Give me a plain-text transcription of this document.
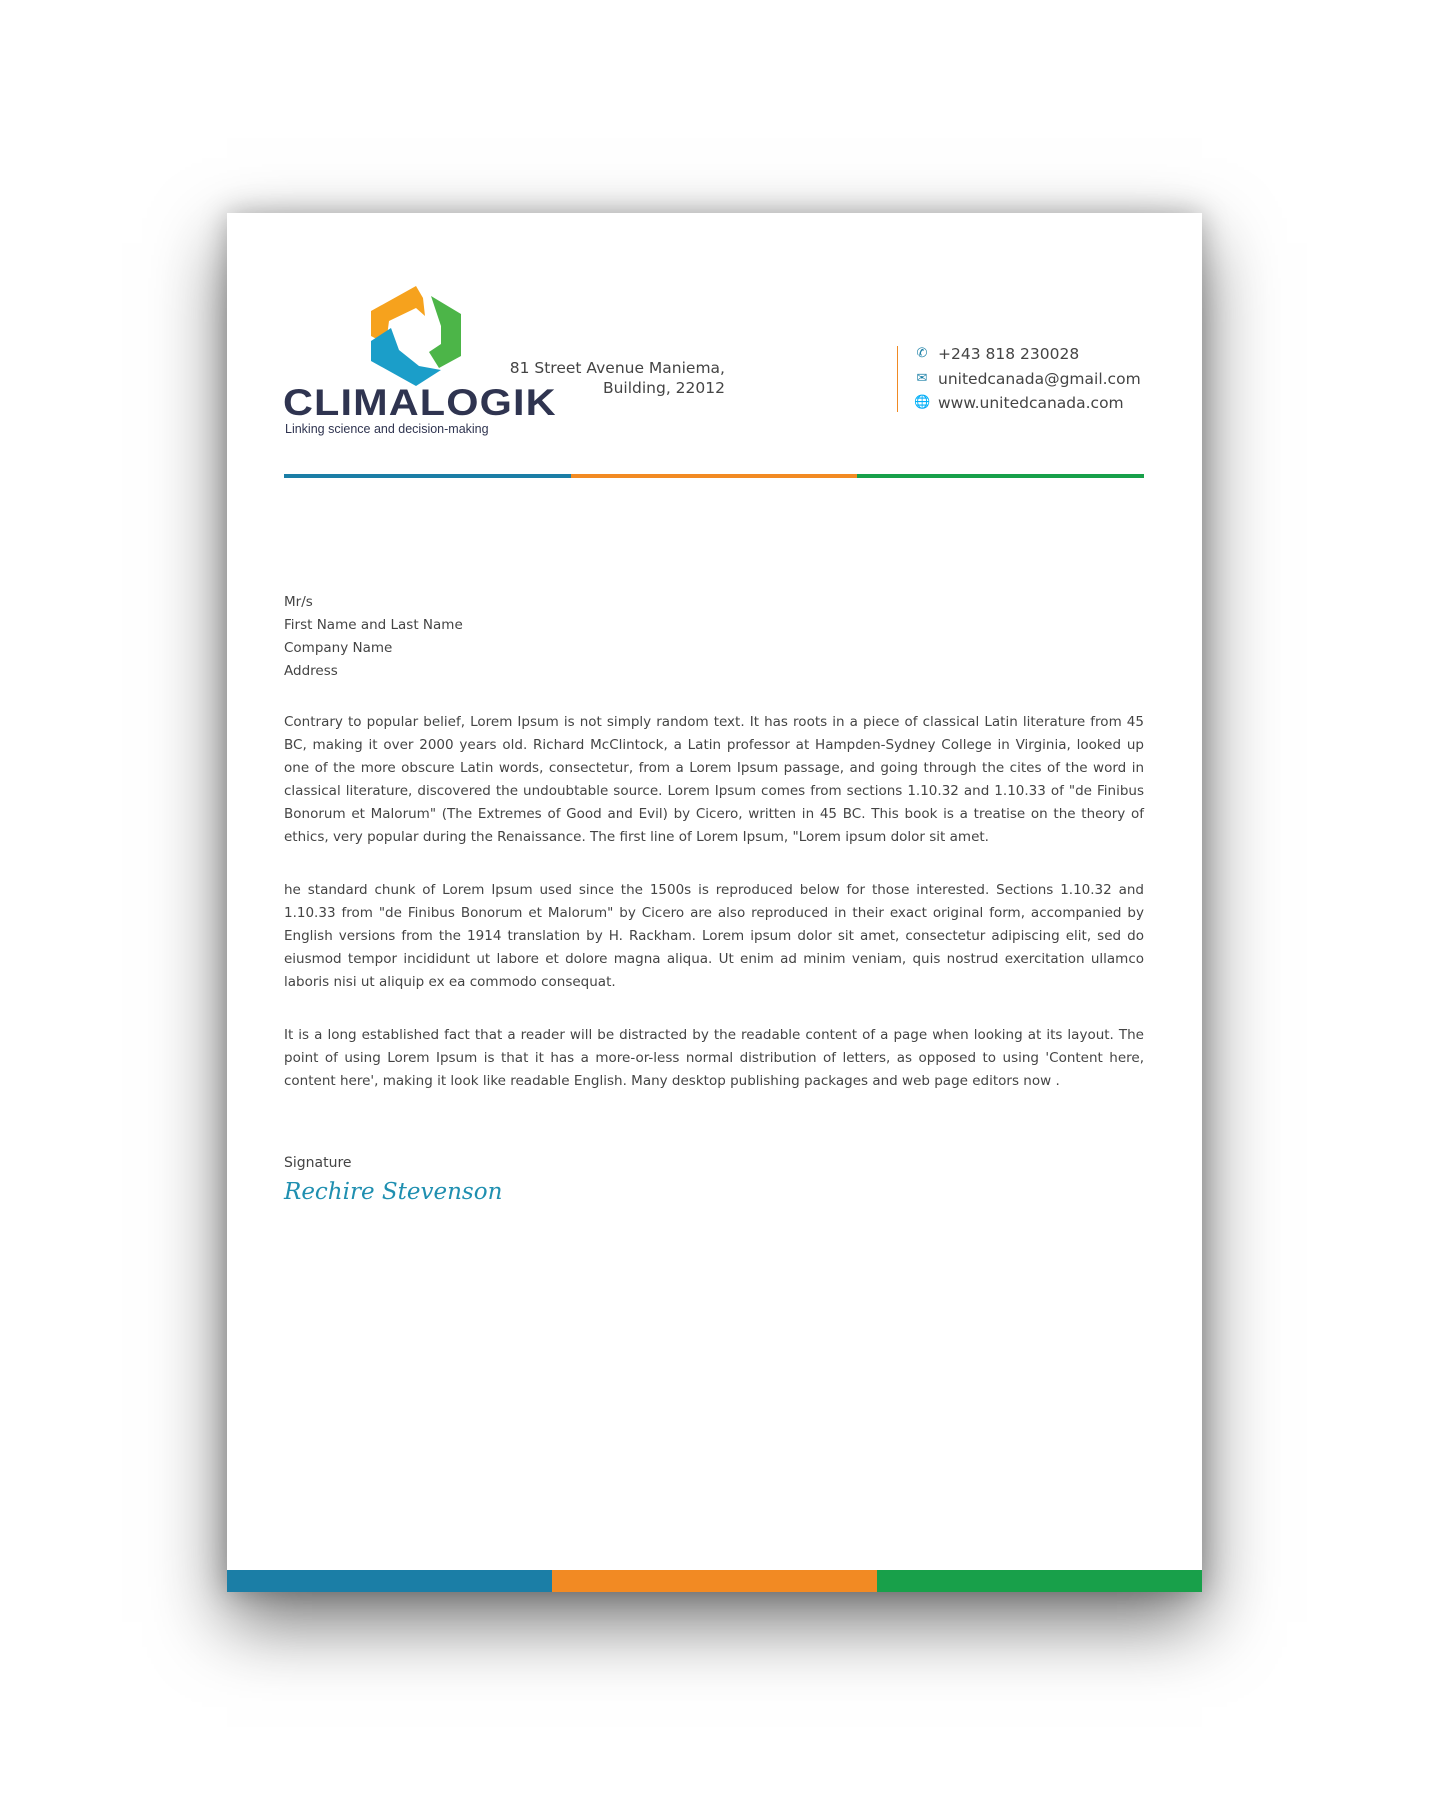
CLIMALOGIK
Linking science and decision-making
81 Street Avenue Maniema,
Building, 22012
✆ +243 818 230028
✉ unitedcanada@gmail.com
🌐 www.unitedcanada.com
Mr/s
First Name and Last Name
Company Name
Address

Contrary to popular belief, Lorem Ipsum is not simply random text. It has roots in a piece of classical Latin literature from 45 BC, making it over 2000 years old. Richard McClintock, a Latin professor at Hampden-Sydney College in Virginia, looked up one of the more obscure Latin words, consectetur, from a Lorem Ipsum passage, and going through the cites of the word in classical literature, discovered the undoubtable source. Lorem Ipsum comes from sections 1.10.32 and 1.10.33 of "de Finibus Bonorum et Malorum" (The Extremes of Good and Evil) by Cicero, written in 45 BC. This book is a treatise on the theory of ethics, very popular during the Renaissance. The first line of Lorem Ipsum, "Lorem ipsum dolor sit amet.

he standard chunk of Lorem Ipsum used since the 1500s is reproduced below for those interested. Sections 1.10.32 and 1.10.33 from "de Finibus Bonorum et Malorum" by Cicero are also reproduced in their exact original form, accompanied by English versions from the 1914 translation by H. Rackham. Lorem ipsum dolor sit amet, consectetur adipiscing elit, sed do eiusmod tempor incididunt ut labore et dolore magna aliqua. Ut enim ad minim veniam, quis nostrud exercitation ullamco laboris nisi ut aliquip ex ea commodo consequat.

It is a long established fact that a reader will be distracted by the readable content of a page when looking at its layout. The point of using Lorem Ipsum is that it has a more-or-less normal distribution of letters, as opposed to using 'Content here, content here', making it look like readable English. Many desktop publishing packages and web page editors now .

Signature
Rechire Stevenson
